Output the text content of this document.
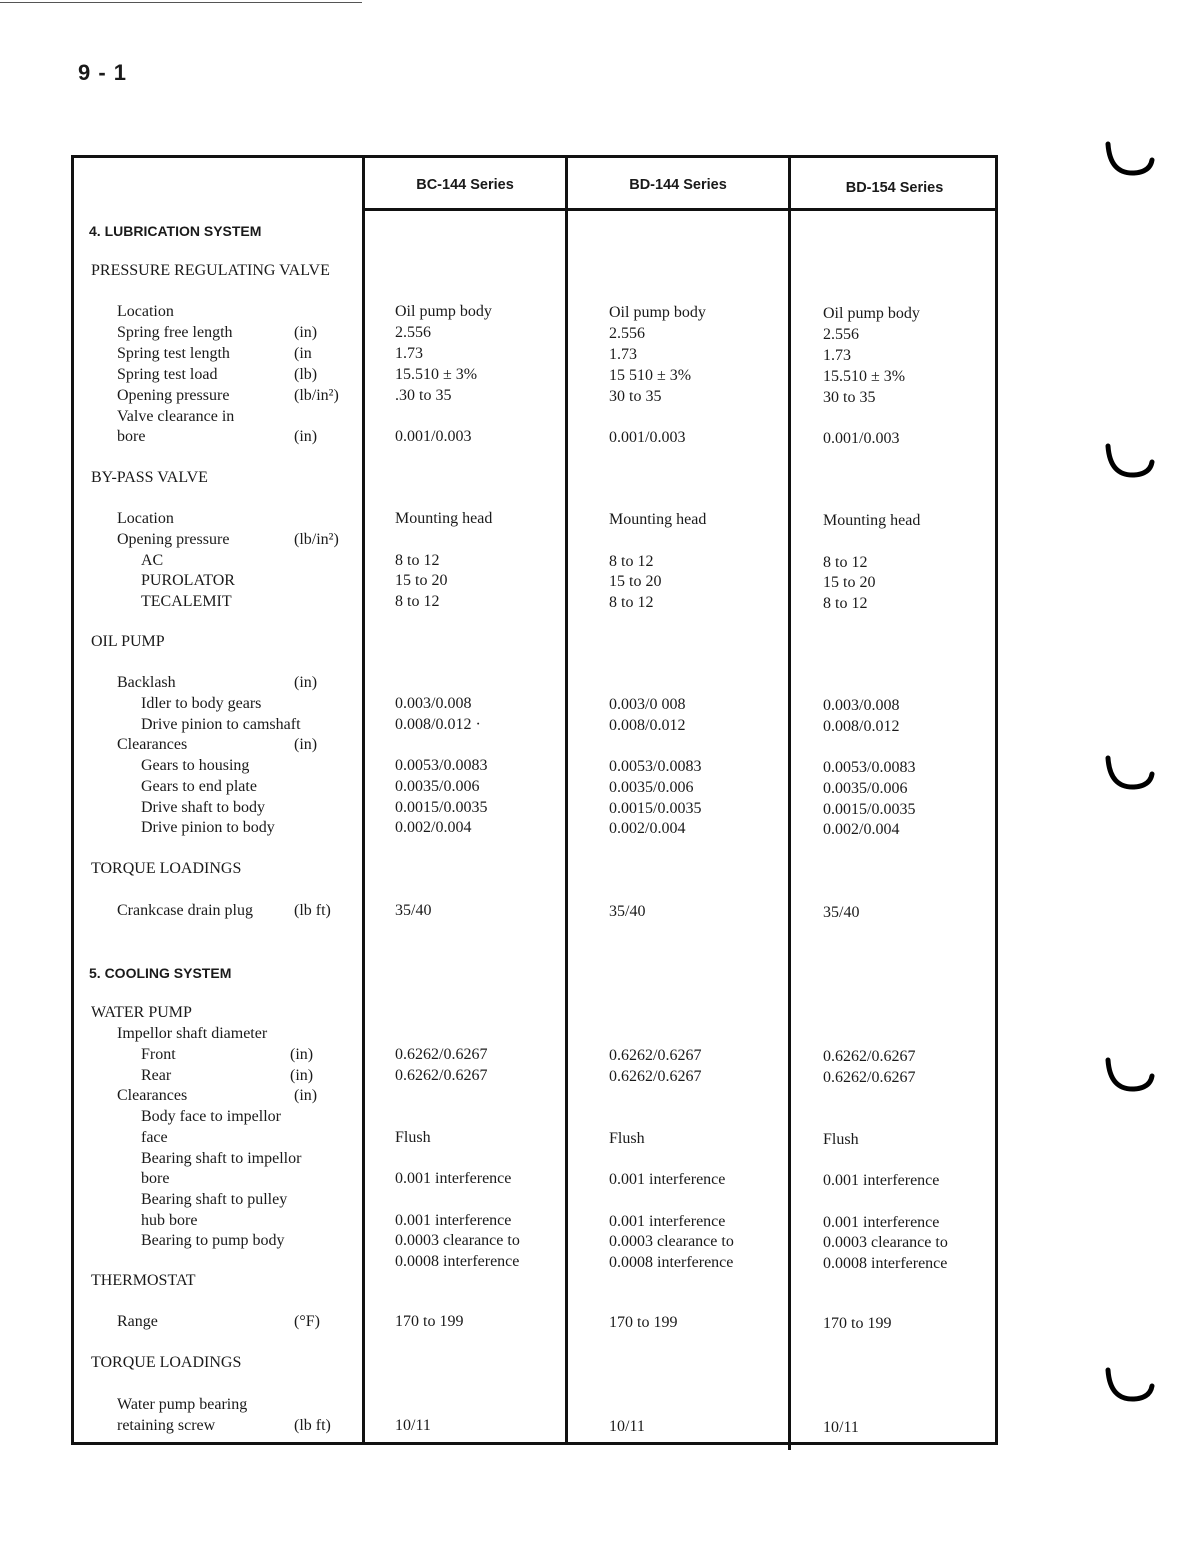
9 - 1
BC-144 Series	BD-144 Series	BD-154 Series
4. LUBRICATION SYSTEM
PRESSURE REGULATING VALVE
Location	Oil pump body	Oil pump body	Oil pump body
Spring free length	(in)	2.556	2.556	2.556
Spring test length	(in	1.73	1.73	1.73
Spring test load	(lb)	15.510 ± 3%	15 510 ± 3%	15.510 ± 3%
Opening pressure	(lb/in²)	.30 to 35	30 to 35	30 to 35
Valve clearance in
bore	(in)	0.001/0.003	0.001/0.003	0.001/0.003
BY-PASS VALVE
Location	Mounting head	Mounting head	Mounting head
Opening pressure	(lb/in²)
AC	8 to 12	8 to 12	8 to 12
PUROLATOR	15 to 20	15 to 20	15 to 20
TECALEMIT	8 to 12	8 to 12	8 to 12
OIL PUMP
Backlash	(in)
Idler to body gears	0.003/0.008	0.003/0 008	0.003/0.008
Drive pinion to camshaft	0.008/0.012 ·	0.008/0.012	0.008/0.012
Clearances	(in)
Gears to housing	0.0053/0.0083	0.0053/0.0083	0.0053/0.0083
Gears to end plate	0.0035/0.006	0.0035/0.006	0.0035/0.006
Drive shaft to body	0.0015/0.0035	0.0015/0.0035	0.0015/0.0035
Drive pinion to body	0.002/0.004	0.002/0.004	0.002/0.004
TORQUE LOADINGS
Crankcase drain plug	(lb ft)	35/40	35/40	35/40
5. COOLING SYSTEM
WATER PUMP
Impellor shaft diameter
Front	(in)	0.6262/0.6267	0.6262/0.6267	0.6262/0.6267
Rear	(in)	0.6262/0.6267	0.6262/0.6267	0.6262/0.6267
Clearances	(in)
Body face to impellor
face	Flush	Flush	Flush
Bearing shaft to impellor
bore	0.001 interference	0.001 interference	0.001 interference
Bearing shaft to pulley
hub bore	0.001 interference	0.001 interference	0.001 interference
Bearing to pump body	0.0003 clearance to	0.0003 clearance to	0.0003 clearance to
0.0008 interference	0.0008 interference	0.0008 interference
THERMOSTAT
Range	(°F)	170 to 199	170 to 199	170 to 199
TORQUE LOADINGS
Water pump bearing
retaining screw	(lb ft)	10/11	10/11	10/11
